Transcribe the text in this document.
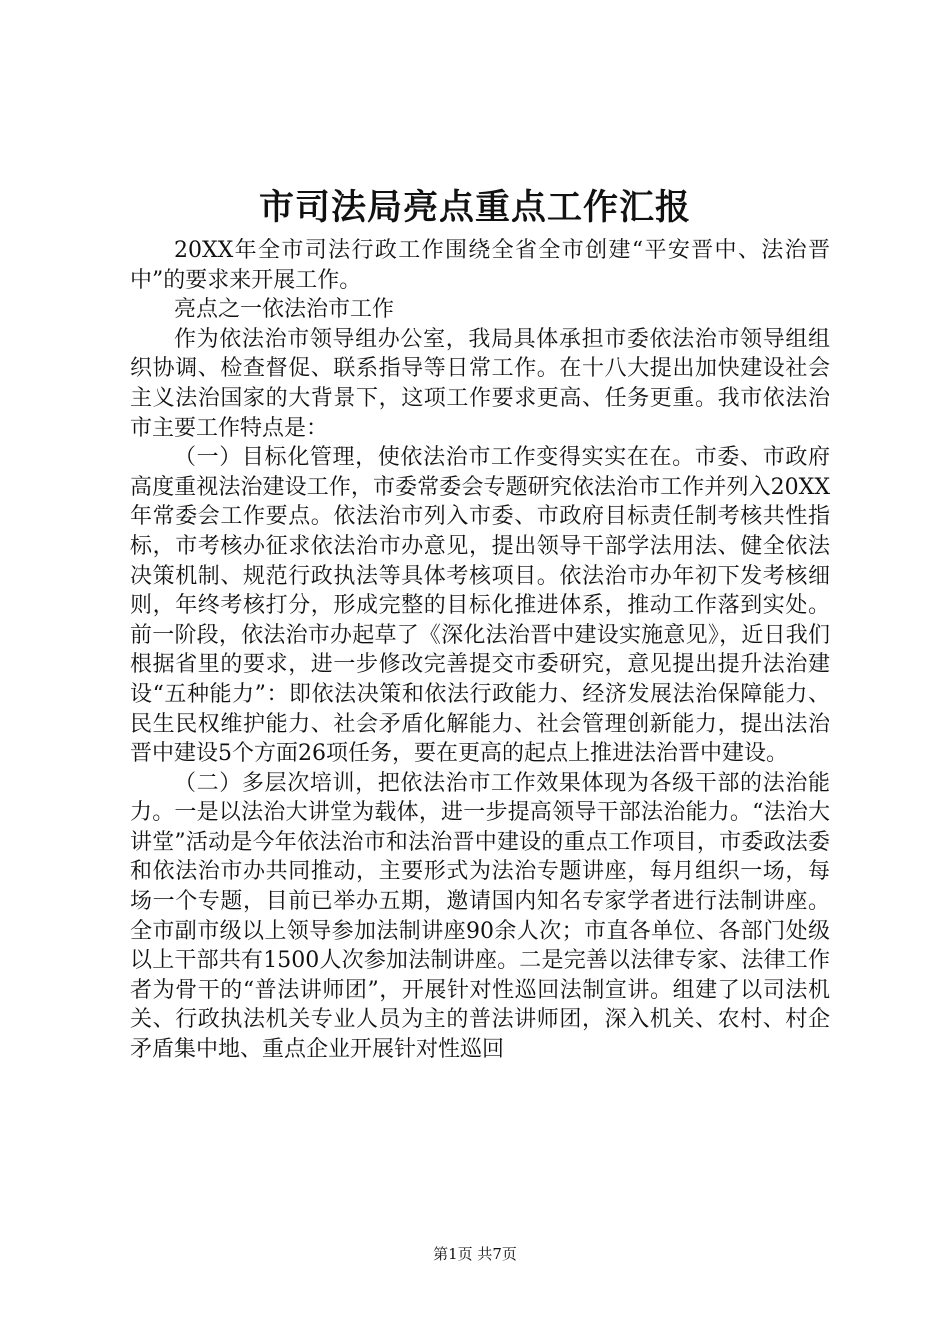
市司法局亮点重点工作汇报

20XX年全市司法行政工作围绕全省全市创建“平安晋中、法治晋中”的要求来开展工作。

亮点之一依法治市工作

作为依法治市领导组办公室，我局具体承担市委依法治市领导组组织协调、检查督促、联系指导等日常工作。在十八大提出加快建设社会主义法治国家的大背景下，这项工作要求更高、任务更重。我市依法治市主要工作特点是：

（一）目标化管理，使依法治市工作变得实实在在。市委、市政府高度重视法治建设工作，市委常委会专题研究依法治市工作并列入20XX年常委会工作要点。依法治市列入市委、市政府目标责任制考核共性指标，市考核办征求依法治市办意见，提出领导干部学法用法、健全依法决策机制、规范行政执法等具体考核项目。依法治市办年初下发考核细则，年终考核打分，形成完整的目标化推进体系，推动工作落到实处。前一阶段，依法治市办起草了《深化法治晋中建设实施意见》，近日我们根据省里的要求，进一步修改完善提交市委研究，意见提出提升法治建设“五种能力”：即依法决策和依法行政能力、经济发展法治保障能力、民生民权维护能力、社会矛盾化解能力、社会管理创新能力，提出法治晋中建设5个方面26项任务，要在更高的起点上推进法治晋中建设。

（二）多层次培训，把依法治市工作效果体现为各级干部的法治能力。一是以法治大讲堂为载体，进一步提高领导干部法治能力。“法治大讲堂”活动是今年依法治市和法治晋中建设的重点工作项目，市委政法委和依法治市办共同推动，主要形式为法治专题讲座，每月组织一场，每场一个专题，目前已举办五期，邀请国内知名专家学者进行法制讲座。全市副市级以上领导参加法制讲座90余人次；市直各单位、各部门处级以上干部共有1500人次参加法制讲座。二是完善以法律专家、法律工作者为骨干的“普法讲师团”，开展针对性巡回法制宣讲。组建了以司法机关、行政执法机关专业人员为主的普法讲师团，深入机关、农村、村企矛盾集中地、重点企业开展针对性巡回

第1页 共7页
